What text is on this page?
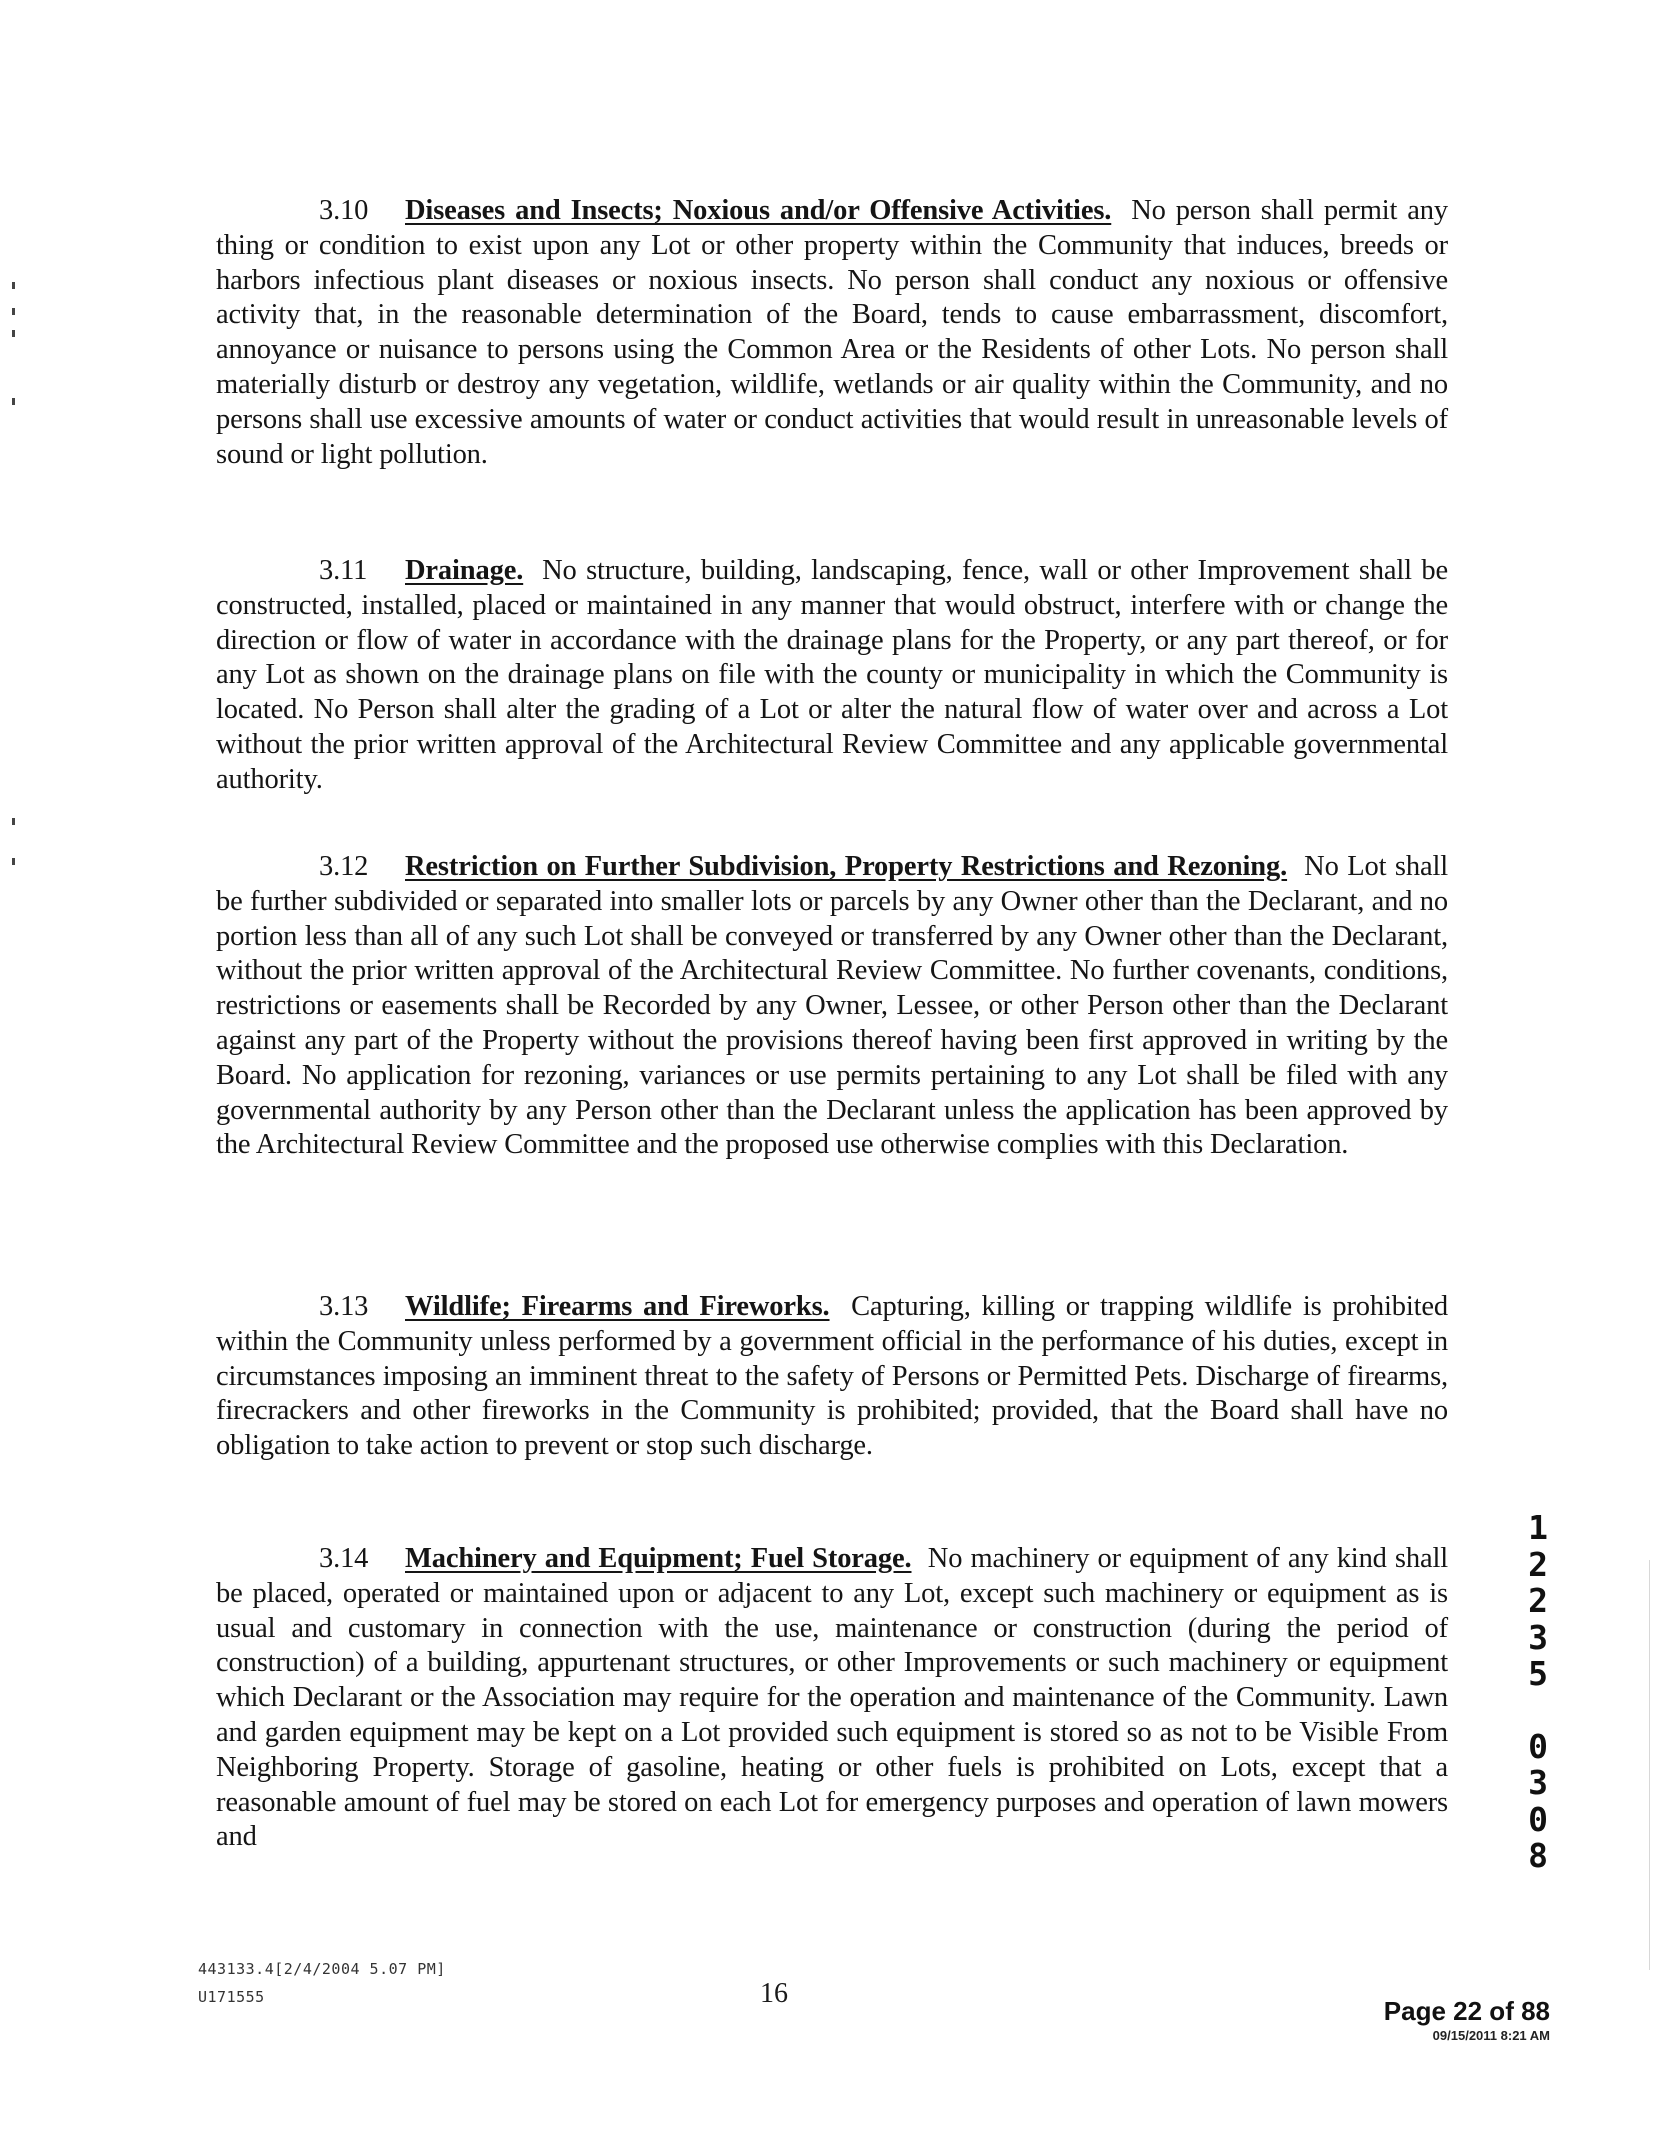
3.10 Diseases and Insects; Noxious and/or Offensive Activities. No person shall permit any thing or condition to exist upon any Lot or other property within the Community that induces, breeds or harbors infectious plant diseases or noxious insects. No person shall conduct any noxious or offensive activity that, in the reasonable determination of the Board, tends to cause embarrassment, discomfort, annoyance or nuisance to persons using the Common Area or the Residents of other Lots. No person shall materially disturb or destroy any vegetation, wildlife, wetlands or air quality within the Community, and no persons shall use excessive amounts of water or conduct activities that would result in unreasonable levels of sound or light pollution.
3.11 Drainage. No structure, building, landscaping, fence, wall or other Improvement shall be constructed, installed, placed or maintained in any manner that would obstruct, interfere with or change the direction or flow of water in accordance with the drainage plans for the Property, or any part thereof, or for any Lot as shown on the drainage plans on file with the county or municipality in which the Community is located. No Person shall alter the grading of a Lot or alter the natural flow of water over and across a Lot without the prior written approval of the Architectural Review Committee and any applicable governmental authority.
3.12 Restriction on Further Subdivision, Property Restrictions and Rezoning. No Lot shall be further subdivided or separated into smaller lots or parcels by any Owner other than the Declarant, and no portion less than all of any such Lot shall be conveyed or transferred by any Owner other than the Declarant, without the prior written approval of the Architectural Review Committee. No further covenants, conditions, restrictions or easements shall be Recorded by any Owner, Lessee, or other Person other than the Declarant against any part of the Property without the provisions thereof having been first approved in writing by the Board. No application for rezoning, variances or use permits pertaining to any Lot shall be filed with any governmental authority by any Person other than the Declarant unless the application has been approved by the Architectural Review Committee and the proposed use otherwise complies with this Declaration.
3.13 Wildlife; Firearms and Fireworks. Capturing, killing or trapping wildlife is prohibited within the Community unless performed by a government official in the performance of his duties, except in circumstances imposing an imminent threat to the safety of Persons or Permitted Pets. Discharge of firearms, firecrackers and other fireworks in the Community is prohibited; provided, that the Board shall have no obligation to take action to prevent or stop such discharge.
3.14 Machinery and Equipment; Fuel Storage. No machinery or equipment of any kind shall be placed, operated or maintained upon or adjacent to any Lot, except such machinery or equipment as is usual and customary in connection with the use, maintenance or construction (during the period of construction) of a building, appurtenant structures, or other Improvements or such machinery or equipment which Declarant or the Association may require for the operation and maintenance of the Community. Lawn and garden equipment may be kept on a Lot provided such equipment is stored so as not to be Visible From Neighboring Property. Storage of gasoline, heating or other fuels is prohibited on Lots, except that a reasonable amount of fuel may be stored on each Lot for emergency purposes and operation of lawn mowers and
1
2
2
3
5
0
3
0
8
443133.4[2/4/2004 5.07 PM]
U171555	16
Page 22 of 88
09/15/2011 8:21 AM
